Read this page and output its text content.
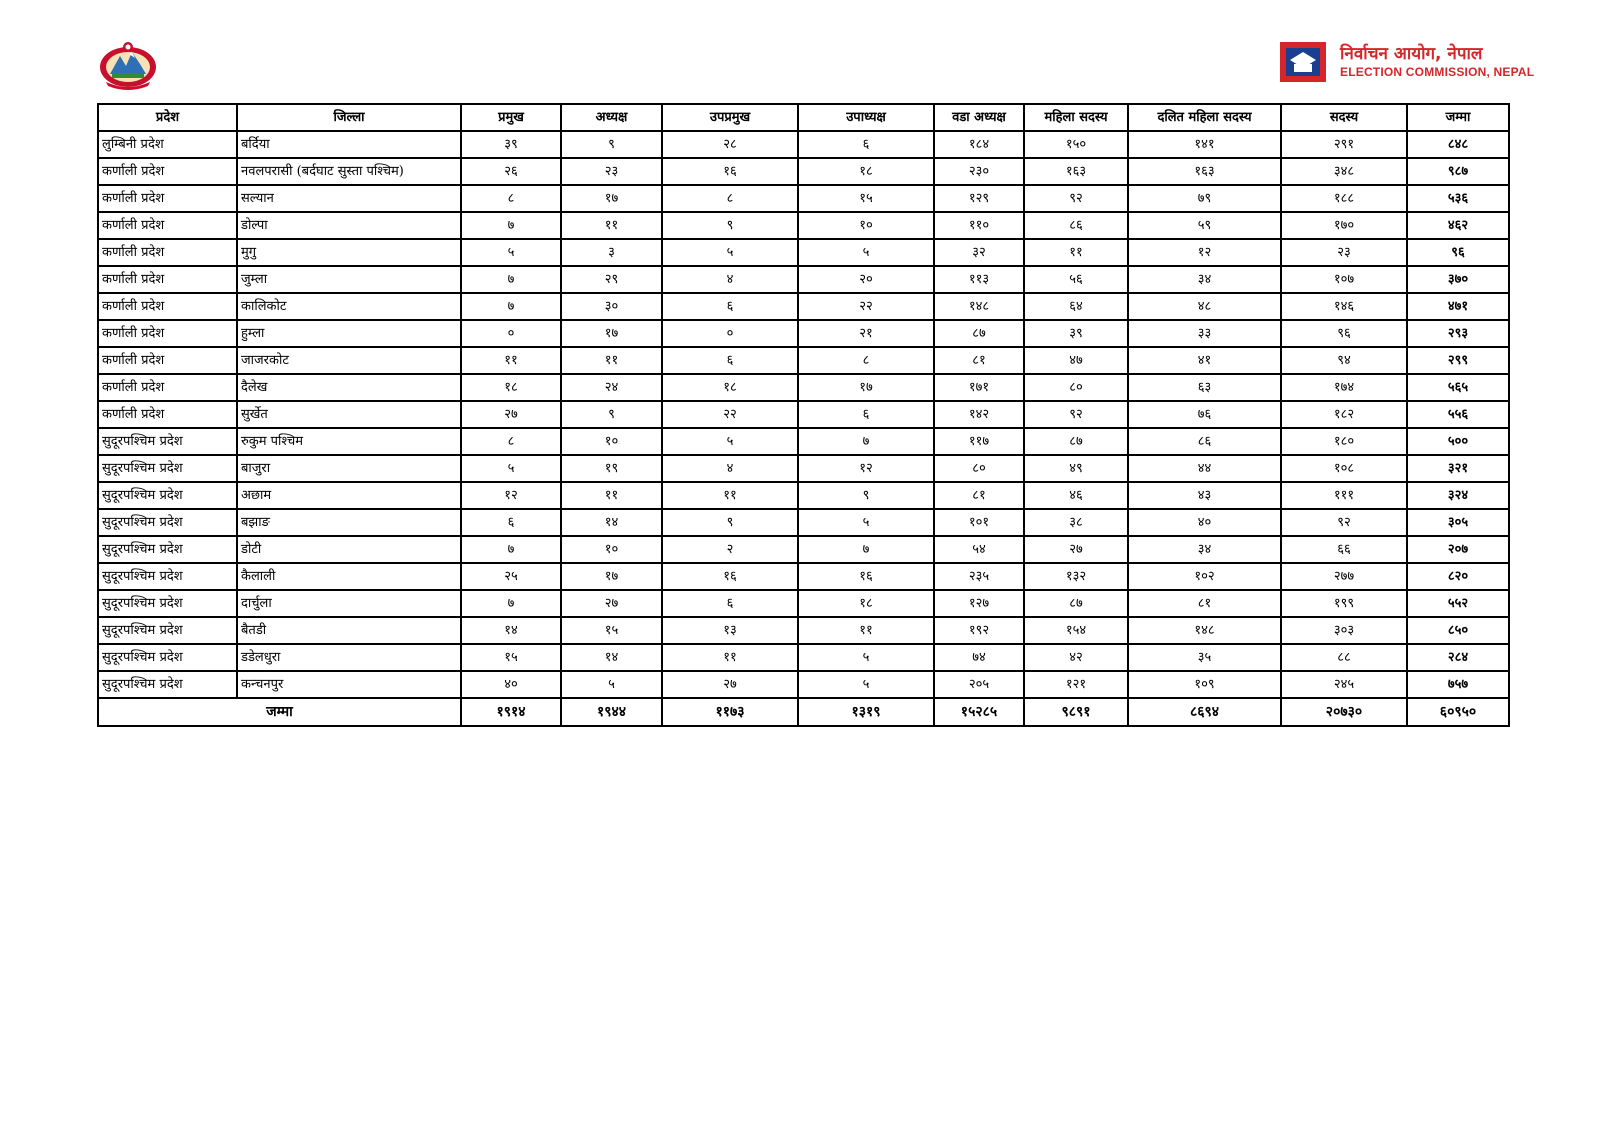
निर्वाचन आयोग, नेपाल
ELECTION COMMISSION, NEPAL
प्रदेश	जिल्ला	प्रमुख	अध्यक्ष	उपप्रमुख	उपाध्यक्ष	वडा अध्यक्ष	महिला सदस्य	दलित महिला सदस्य	सदस्य	जम्मा
लुम्बिनी प्रदेश	बर्दिया	३९	९	२८	६	१८४	१५०	१४१	२९१	८४८
कर्णाली प्रदेश	नवलपरासी (बर्दघाट सुस्ता पश्चिम)	२६	२३	१६	१८	२३०	१६३	१६३	३४८	९८७
कर्णाली प्रदेश	सल्यान	८	१७	८	१५	१२९	९२	७९	१८८	५३६
कर्णाली प्रदेश	डोल्पा	७	११	९	१०	११०	८६	५९	१७०	४६२
कर्णाली प्रदेश	मुगु	५	३	५	५	३२	११	१२	२३	९६
कर्णाली प्रदेश	जुम्ला	७	२९	४	२०	११३	५६	३४	१०७	३७०
कर्णाली प्रदेश	कालिकोट	७	३०	६	२२	१४८	६४	४८	१४६	४७१
कर्णाली प्रदेश	हुम्ला	०	१७	०	२१	८७	३९	३३	९६	२९३
कर्णाली प्रदेश	जाजरकोट	११	११	६	८	८१	४७	४१	९४	२९९
कर्णाली प्रदेश	दैलेख	१८	२४	१८	१७	१७१	८०	६३	१७४	५६५
कर्णाली प्रदेश	सुर्खेत	२७	९	२२	६	१४२	९२	७६	१८२	५५६
सुदूरपश्चिम प्रदेश	रुकुम पश्चिम	८	१०	५	७	११७	८७	८६	१८०	५००
सुदूरपश्चिम प्रदेश	बाजुरा	५	१९	४	१२	८०	४९	४४	१०८	३२१
सुदूरपश्चिम प्रदेश	अछाम	१२	११	११	९	८१	४६	४३	१११	३२४
सुदूरपश्चिम प्रदेश	बझाङ	६	१४	९	५	१०१	३८	४०	९२	३०५
सुदूरपश्चिम प्रदेश	डोटी	७	१०	२	७	५४	२७	३४	६६	२०७
सुदूरपश्चिम प्रदेश	कैलाली	२५	१७	१६	१६	२३५	१३२	१०२	२७७	८२०
सुदूरपश्चिम प्रदेश	दार्चुला	७	२७	६	१८	१२७	८७	८१	१९९	५५२
सुदूरपश्चिम प्रदेश	बैतडी	१४	१५	१३	११	१९२	१५४	१४८	३०३	८५०
सुदूरपश्चिम प्रदेश	डडेलधुरा	१५	१४	११	५	७४	४२	३५	८८	२८४
सुदूरपश्चिम प्रदेश	कन्चनपुर	४०	५	२७	५	२०५	१२१	१०९	२४५	७५७
जम्मा		१९१४	१९४४	११७३	१३१९	१५२८५	९८९१	८६९४	२०७३०	६०९५०
